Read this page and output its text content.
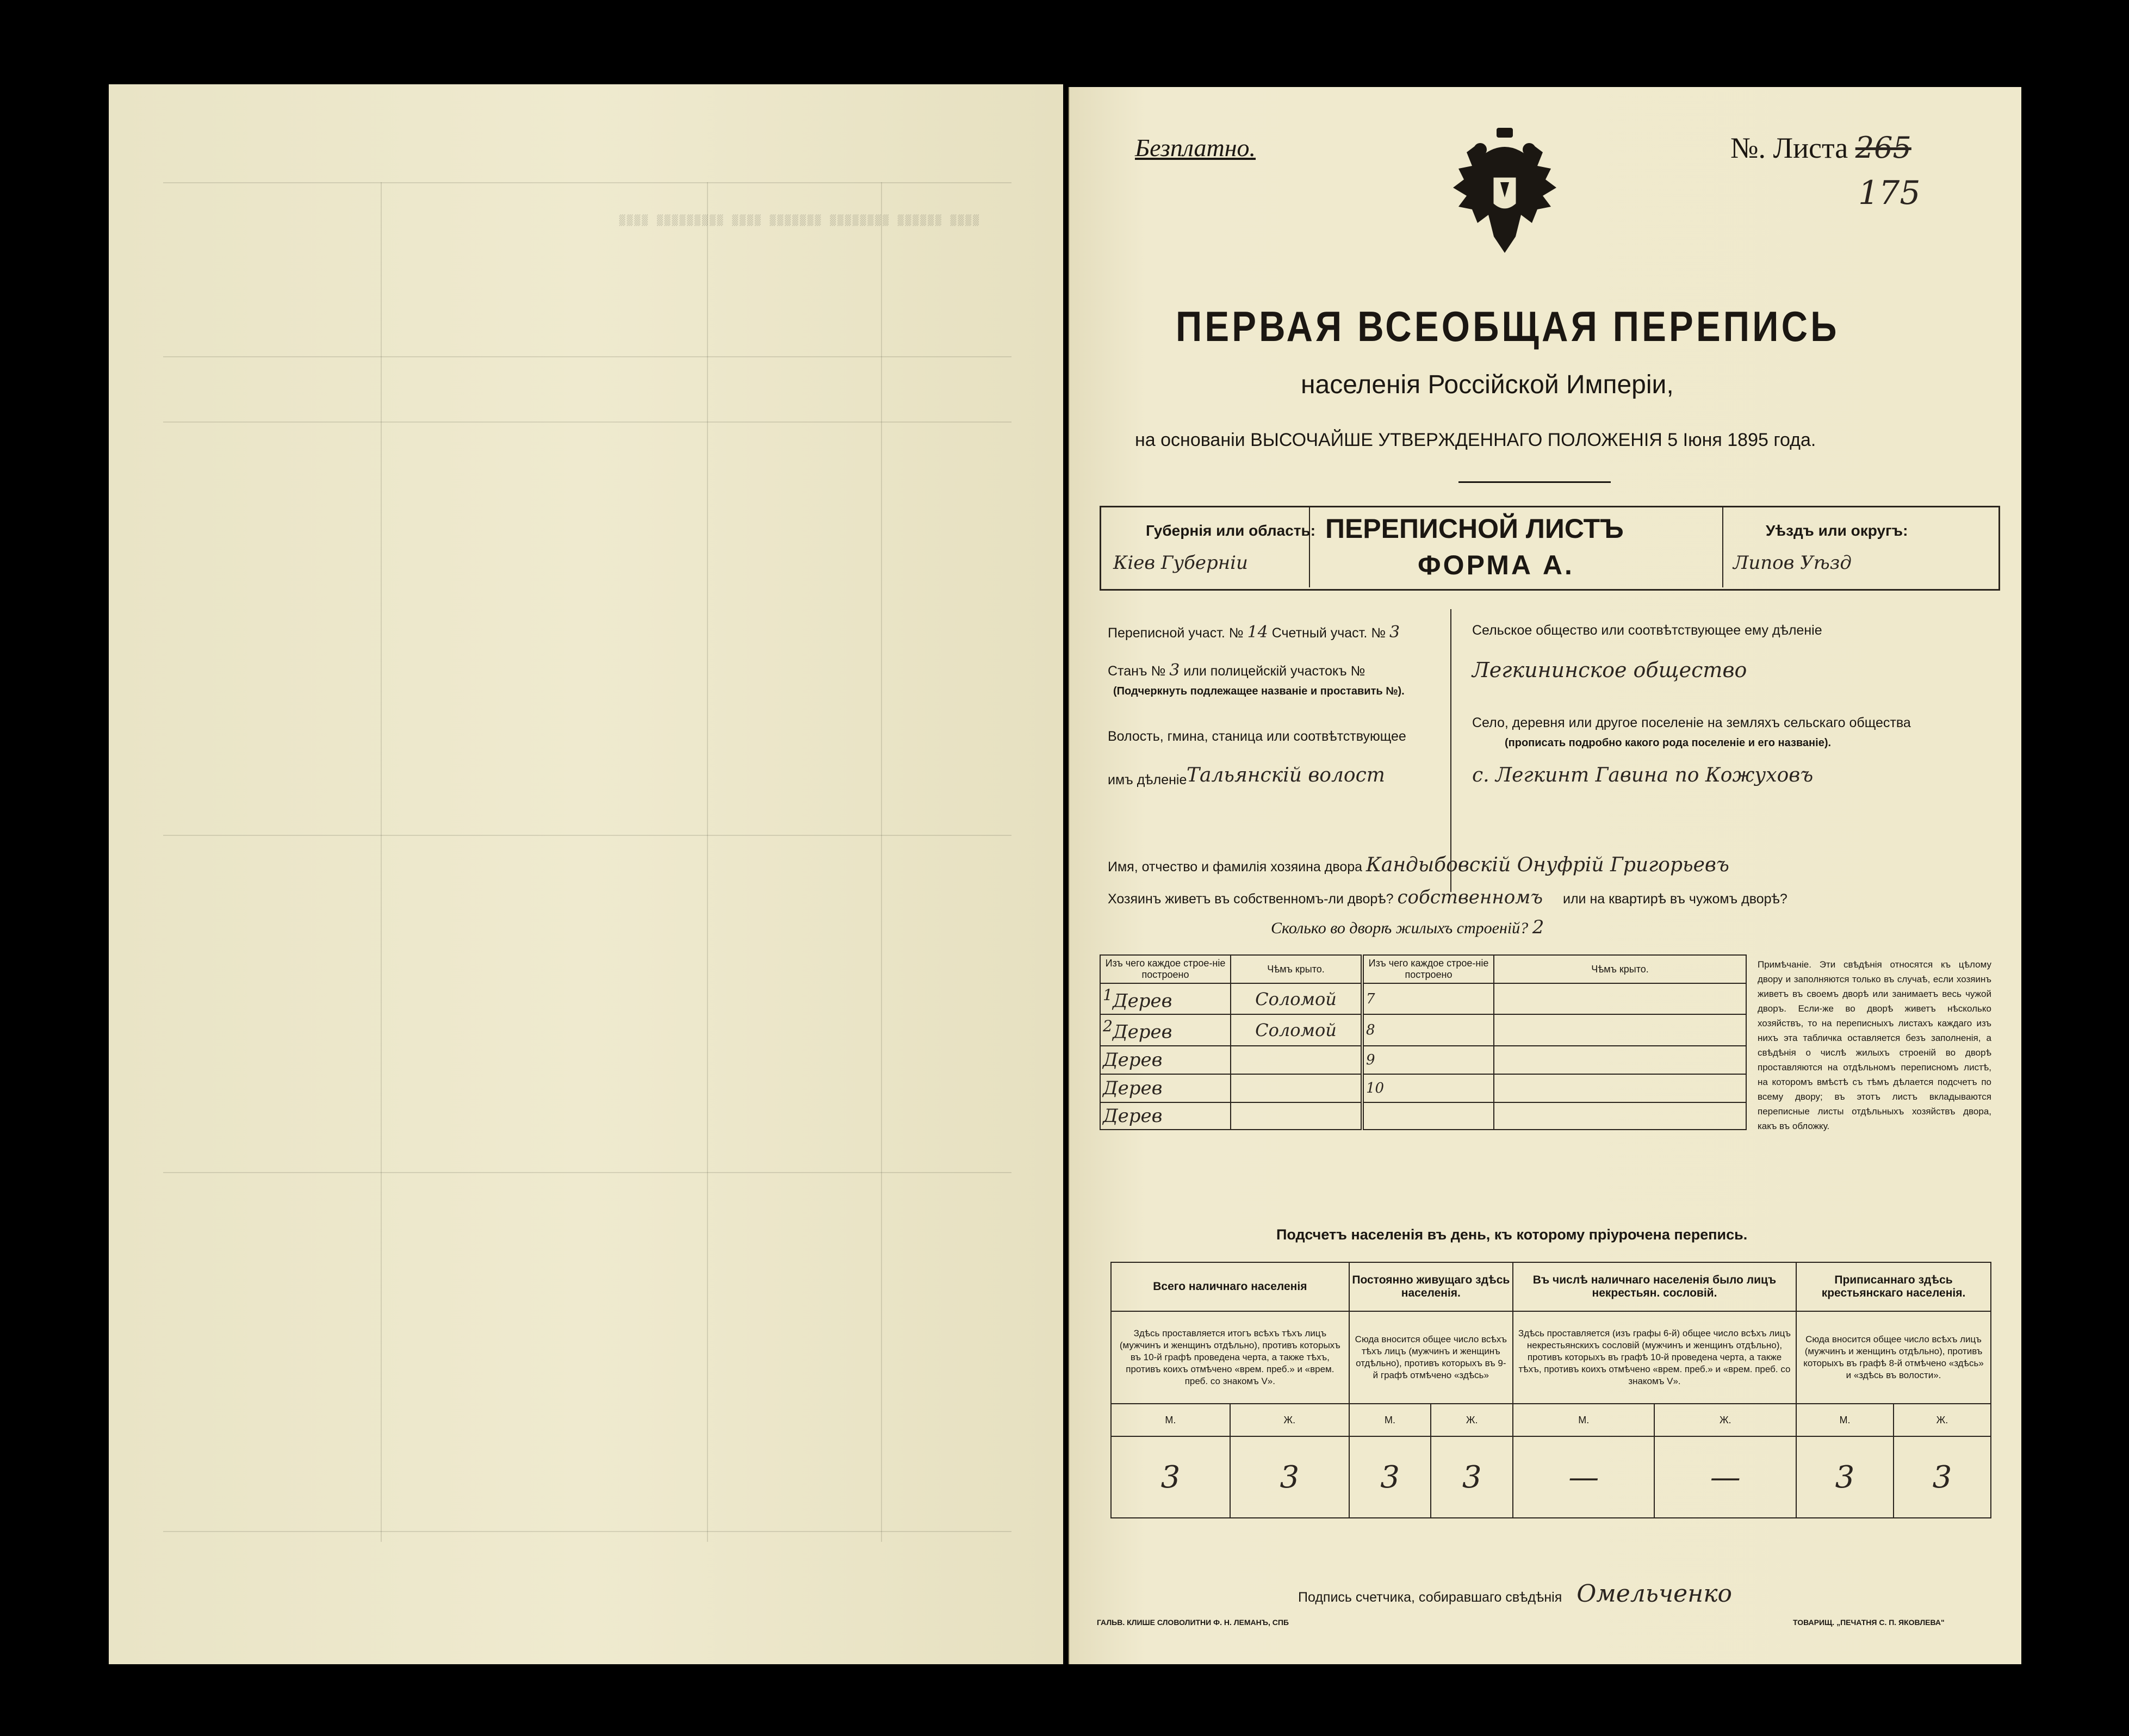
▒▒▒▒ ▒▒▒▒▒▒ ▒▒▒▒▒▒▒▒ ▒▒▒▒▒▒▒ ▒▒▒▒ ▒▒▒▒▒▒▒▒▒ ▒▒▒▒
Безплатно.	№. Листа 265
175
ПЕРВАЯ ВСЕОБЩАЯ ПЕРЕПИСЬ
населенія Россійской Имперіи,
на основаніи ВЫСОЧАЙШЕ УТВЕРЖДЕННАГО ПОЛОЖЕНІЯ 5 Іюня 1895 года.
Губернія или область:
Кіев Губерніи
ПЕРЕПИСНОЙ ЛИСТЪ
ФОРМА А.
Уѣздъ или округъ:
Липов Уѣзд
Переписной участ. № 14 Счетный участ. № 3
Станъ № 3 или полицейскій участокъ №
(Подчеркнуть подлежащее названіе и проставить №).
Волость, гмина, станица или соотвѣтствующее
имъ дѣленіе Тальянскій волост
Сельское общество или соотвѣтствующее ему дѣленіе
Легкининское общество
Село, деревня или другое поселеніе на земляхъ сельскаго общества
(прописать подробно какого рода поселеніе и его названіе).
с. Легкинт Гавина по Кожуховъ
Имя, отчество и фамилія хозяина двора Кандыбовскій Онуфрій Григорьевъ
Хозяинъ живетъ въ собственномъ-ли дворѣ? собственномъ или на квартирѣ въ чужомъ дворѣ?
Сколько во дворѣ жилыхъ строеній? 2
Изъ чего каждое строе-ніе построено	Чѣмъ крыто.	Изъ чего каждое строе-ніе построено	Чѣмъ крыто.
$^1$Дерев	Соломой	7	
$^2$Дерев	Соломой	8	
Дерев		9	
Дерев		10	
Дерев			
Примѣчаніе. Эти свѣдѣнія относятся къ цѣлому двору и заполняются только въ случаѣ, если хозяинъ живетъ въ своемъ дворѣ или занимаетъ весь чужой дворъ. Если-же во дворѣ живетъ нѣсколько хозяйствъ, то на переписныхъ листахъ каждаго изъ нихъ эта табличка оставляется безъ заполненія, а свѣдѣнія о числѣ жилыхъ строеній во дворѣ проставляются на отдѣльномъ переписномъ листѣ, на которомъ вмѣстѣ съ тѣмъ дѣлается подсчетъ по всему двору; въ этотъ листъ вкладываются переписные листы отдѣльныхъ хозяйствъ двора, какъ въ обложку.
Подсчетъ населенія въ день, къ которому пріурочена перепись.
Всего наличнаго населенія		Постоянно живущаго здѣсь населенія.		Въ числѣ наличнаго населенія было лицъ некрестьян. сословій.		Приписаннаго здѣсь крестьянскаго населенія.	
Здѣсь проставляется итогъ всѣхъ тѣхъ лицъ (мужчинъ и женщинъ отдѣльно), противъ которыхъ въ 10-й графѣ проведена черта, а также тѣхъ, противъ коихъ отмѣчено «врем. преб.» и «врем. преб. со знакомъ V».		Сюда вносится общее число всѣхъ тѣхъ лицъ (мужчинъ и женщинъ отдѣльно), противъ которыхъ въ 9-й графѣ отмѣчено «здѣсь»		Здѣсь проставляется (изъ графы 6-й) общее число всѣхъ лицъ некрестьянскихъ сословій (мужчинъ и женщинъ отдѣльно), противъ которыхъ въ графѣ 10-й проведена черта, а также тѣхъ, противъ коихъ отмѣчено «врем. преб.» и «врем. преб. со знакомъ V».		Сюда вносится общее число всѣхъ лицъ (мужчинъ и женщинъ отдѣльно), противъ которыхъ въ графѣ 8-й отмѣчено «здѣсь» и «здѣсь въ волости».	
М.	Ж.	М.	Ж.	М.	Ж.	М.	Ж.
3	3	3	3	—	—	3	3
Подпись счетчика, собиравшаго свѣдѣнія Омельченко
ГАЛЬВ. КЛИШЕ СЛОВОЛИТНИ Ф. Н. ЛЕМАНЪ, СПБ	ТОВАРИЩ. „ПЕЧАТНЯ С. П. ЯКОВЛЕВА"
